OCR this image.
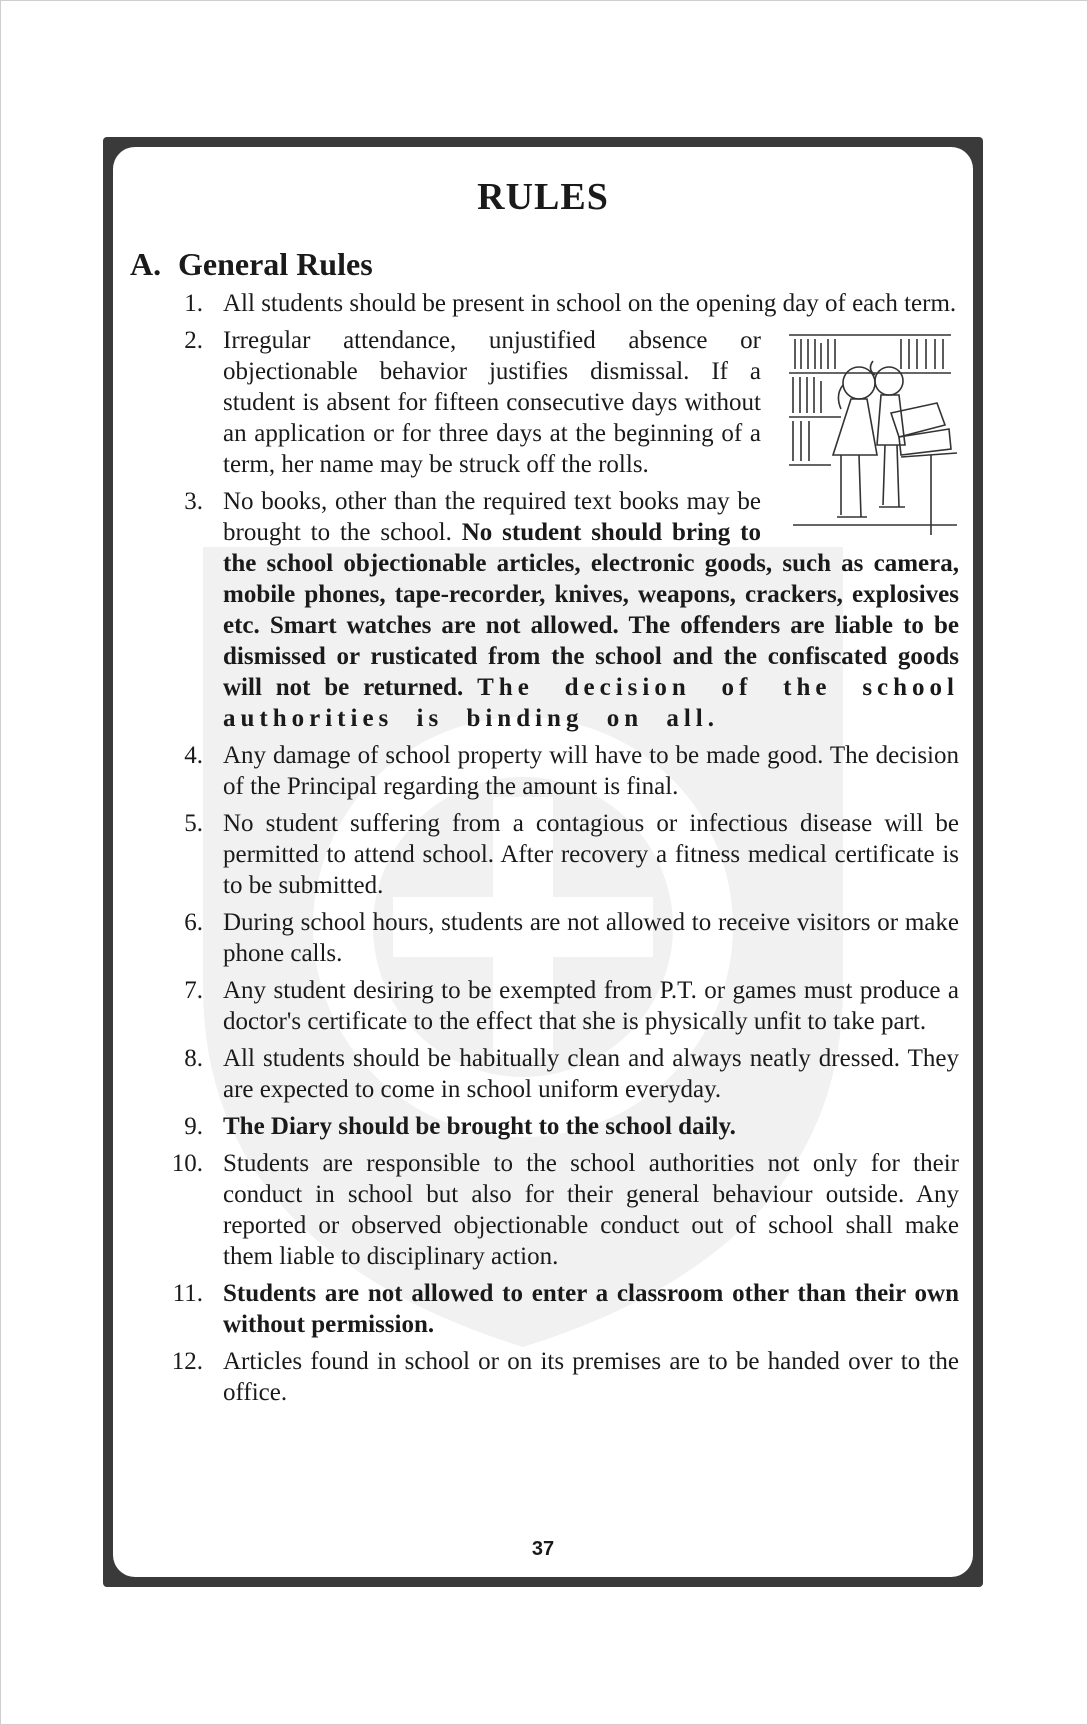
RULES
A. General Rules
1. All students should be present in school on the opening day of each term.
2. Irregular attendance, unjustified absence or objectionable behavior justifies dismissal. If a student is absent for fifteen consecutive days without an application or for three days at the beginning of a term, her name may be struck off the rolls.
3. No books, other than the required text books may be brought to the school. No student should bring to the school objectionable articles, electronic goods, such as camera, mobile phones, tape-recorder, knives, weapons, crackers, explosives etc. Smart watches are not allowed. The offenders are liable to be dismissed or rusticated from the school and the confiscated goods will not be returned. The decision of the school authorities is binding on all.
4. Any damage of school property will have to be made good. The decision of the Principal regarding the amount is final.
5. No student suffering from a contagious or infectious disease will be permitted to attend school. After recovery a fitness medical certificate is to be submitted.
6. During school hours, students are not allowed to receive visitors or make phone calls.
7. Any student desiring to be exempted from P.T. or games must produce a doctor's certificate to the effect that she is physically unfit to take part.
8. All students should be habitually clean and always neatly dressed. They are expected to come in school uniform everyday.
9. The Diary should be brought to the school daily.
10. Students are responsible to the school authorities not only for their conduct in school but also for their general behaviour outside. Any reported or observed objectionable conduct out of school shall make them liable to disciplinary action.
11. Students are not allowed to enter a classroom other than their own without permission.
12. Articles found in school or on its premises are to be handed over to the office.
37
